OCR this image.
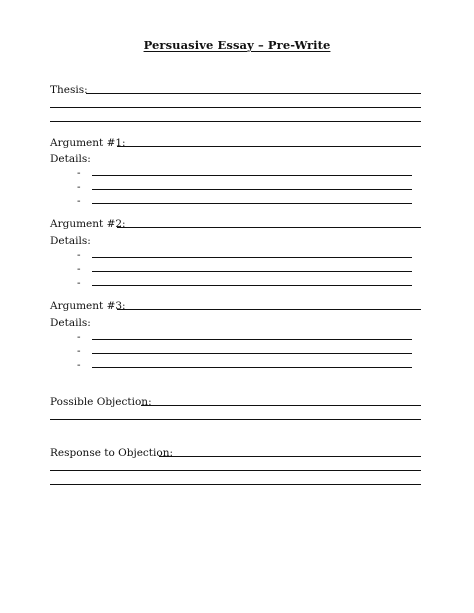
Persuasive Essay – Pre-Write
Thesis:
Argument #1:
Details:
-
-
-
Argument #2:
Details:
-
-
-
Argument #3:
Details:
-
-
-
Possible Objection:
Response to Objection:
